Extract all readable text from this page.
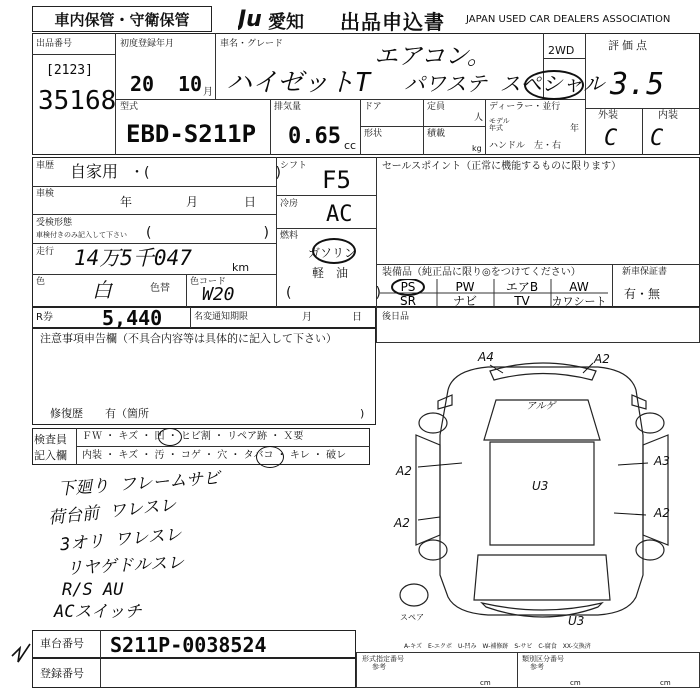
車内保管・守衛保管 Ju 愛知 出品申込書 JAPAN USED CAR DEALERS ASSOCIATION
出品番号
[2123]
35168
初度登録年月
20 10 月
車名・グレード
ハイゼットT
エアコン。
パワステ スペシャル
2WD	評価点
3.5
外装	内装
C C
型式
EBD-S211P
排気量
0.65 cc
ドア
形状
定員
人
積載
kg
ディーラー・並行
モデル
年式	年
ハンドル　左・右
車歴 自家用 ・(　　　　　　　　　)
車検
年	月	日
受検形態
車検付きのみ記入して下さい (　　　　　　　　)
走行 14万5千047	km
色 白	色替
色コード
W20
シフト F5
冷房 AC
燃料
ガソリン
軽　油
(　　　　　　)
セールスポイント（正常に機能するものに限ります）
装備品（純正品に限り◎をつけてください）
PS	PW	エアB	AW
SR	ナビ	TV カワシート
新車保証書
有・無
R券 5,440	名変通知期限	月	日
注意事項申告欄（不具合内容等は具体的に記入して下さい）
修復歴　　有（箇所	)
後日品
検査員
記入欄
ＦＷ ・ キズ ・ 凹 ・ ヒビ割 ・ リペア跡 ・ Ｘ要
内装 ・ キズ ・ 汚 ・ コゲ ・ 穴 ・ タバコ ・ キレ ・ 破レ
下廻り フレームサビ
荷台前 ワレスレ
3オリ ワレスレ
リヤゲドルスレ
R/S AU
ACスイッチ
A4	A2
アルゲ
A3
A2
A2
U3
U3
A2
スペア
A-キズ　E-エクボ　U-凹み　W-補修跡　S-サビ　C-腐食　XX-交換済
車台番号 S211P-0038524
登録番号
形式指定番号
参考
類別区分番号
参考
cm	cm	cm
